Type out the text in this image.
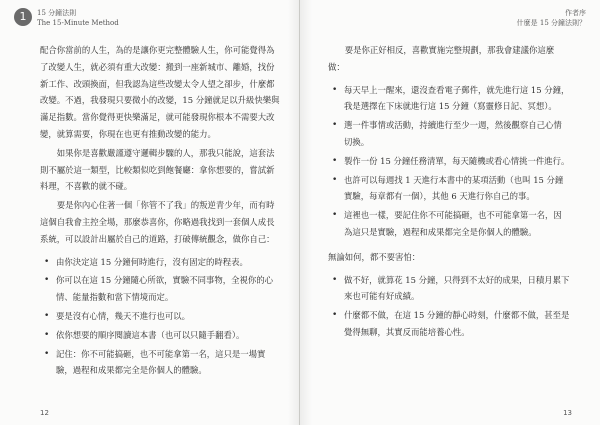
1	15 分鐘法則
The 15-Minute Method

配合你當前的人生，為的是讓你更完整體驗人生，你可能覺得為了改變人生，就必須有重大改變：搬到一座新城市、離婚，找份新工作、改頭換面，但我認為這些改變太令人望之卻步，什麼都改變。不過，我發現只要微小的改變，15 分鐘就足以升級快樂與滿足指數。當你覺得更快樂滿足，就可能發現你根本不需要大改變，就算需要，你現在也更有推動改變的能力。

如果你是喜歡嚴謹遵守邏輯步驟的人，那我只能說，這套法則不屬於這一類型，比較類似吃到飽餐廳：拿你想要的，嘗試新料理，不喜歡的就不碰。

要是你內心住著一個「你管不了我」的叛逆青少年，而有時這個自我會主控全場，那麼恭喜你，你略過我找到一套個人成長系統，可以設計出屬於自己的道路，打破傳統觀念，做你自己：

• 由你決定這 15 分鐘何時進行，沒有固定的時程表。
• 你可以在這 15 分鐘隨心所欲，實驗不同事物，全視你的心情、能量指數和當下情境而定。
• 要是沒有心情，幾天不進行也可以。
• 依你想要的順序閱讀這本書（也可以只隨手翻看）。
• 記住：你不可能搞砸，也不可能拿第一名，這只是一場實驗，過程和成果都完全是你個人的體驗。
12
作者序
什麼是 15 分鐘法則？

要是你正好相反，喜歡實施完整規劃，那我會建議你這麼做：

• 每天早上一醒來，還沒查看電子郵件，就先進行這 15 分鐘，我是選擇在下床就進行這 15 分鐘（寫靈修日記、冥想）。
• 選一件事情或活動，持續進行至少一週，然後觀察自己心情切換。
• 製作一份 15 分鐘任務清單，每天隨機或看心情挑一件進行。
• 也許可以每週找 1 天進行本書中的某項活動（也叫 15 分鐘實驗，每章都有一個），其他 6 天進行你自己的事。
• 這裡也一樣，要記住你不可能搞砸，也不可能拿第一名，因為這只是實驗，過程和成果都完全是你個人的體驗。

無論如何，都不要害怕：

• 做不好，就算花 15 分鐘，只得到不太好的成果，日積月累下來也可能有好成績。
• 什麼都不做，在這 15 分鐘的靜心時刻，什麼都不做，甚至是覺得無聊，其實反而能培養心性。
13
